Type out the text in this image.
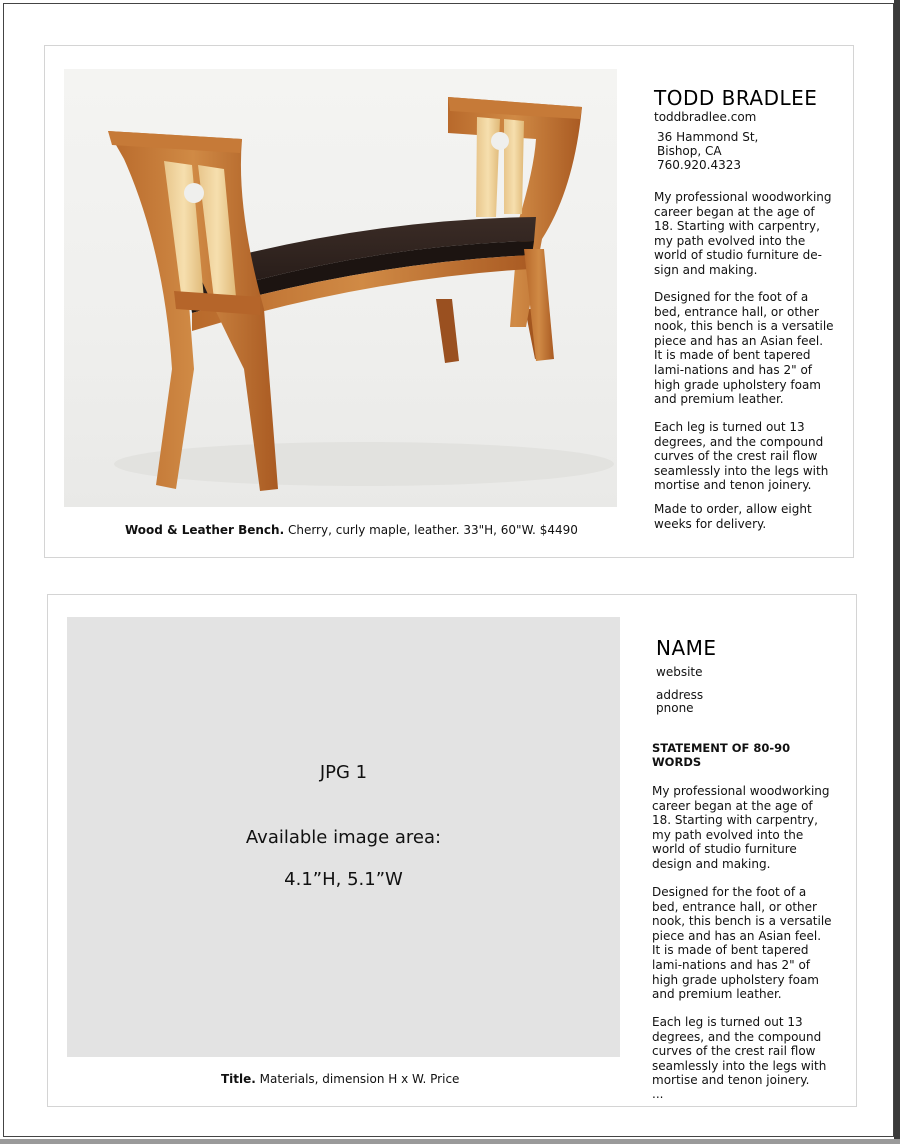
Wood & Leather Bench. Cherry, curly maple, leather. 33"H, 60"W. $4490
TODD BRADLEE
toddbradlee.com
36 Hammond St,
Bishop, CA
760.920.4323

My professional woodworking career began at the age of 18. Starting with carpentry, my path evolved into the world of studio furniture de-sign and making.

Designed for the foot of a bed, entrance hall, or other nook, this bench is a versatile piece and has an Asian feel. It is made of bent tapered lami-nations and has 2" of high grade upholstery foam and premium leather.

Each leg is turned out 13 degrees, and the compound curves of the crest rail flow seamlessly into the legs with mortise and tenon joinery.

Made to order, allow eight weeks for delivery.

JPG 1
Available image area:
4.1”H, 5.1”W
Title. Materials, dimension H x W. Price
NAME
website
address
pnone
STATEMENT OF 80-90 WORDS

My professional woodworking career began at the age of 18. Starting with carpentry, my path evolved into the world of studio furniture design and making.

Designed for the foot of a bed, entrance hall, or other nook, this bench is a versatile piece and has an Asian feel. It is made of bent tapered lami-nations and has 2" of high grade upholstery foam and premium leather.

Each leg is turned out 13 degrees, and the compound curves of the crest rail flow seamlessly into the legs with mortise and tenon joinery.

...
